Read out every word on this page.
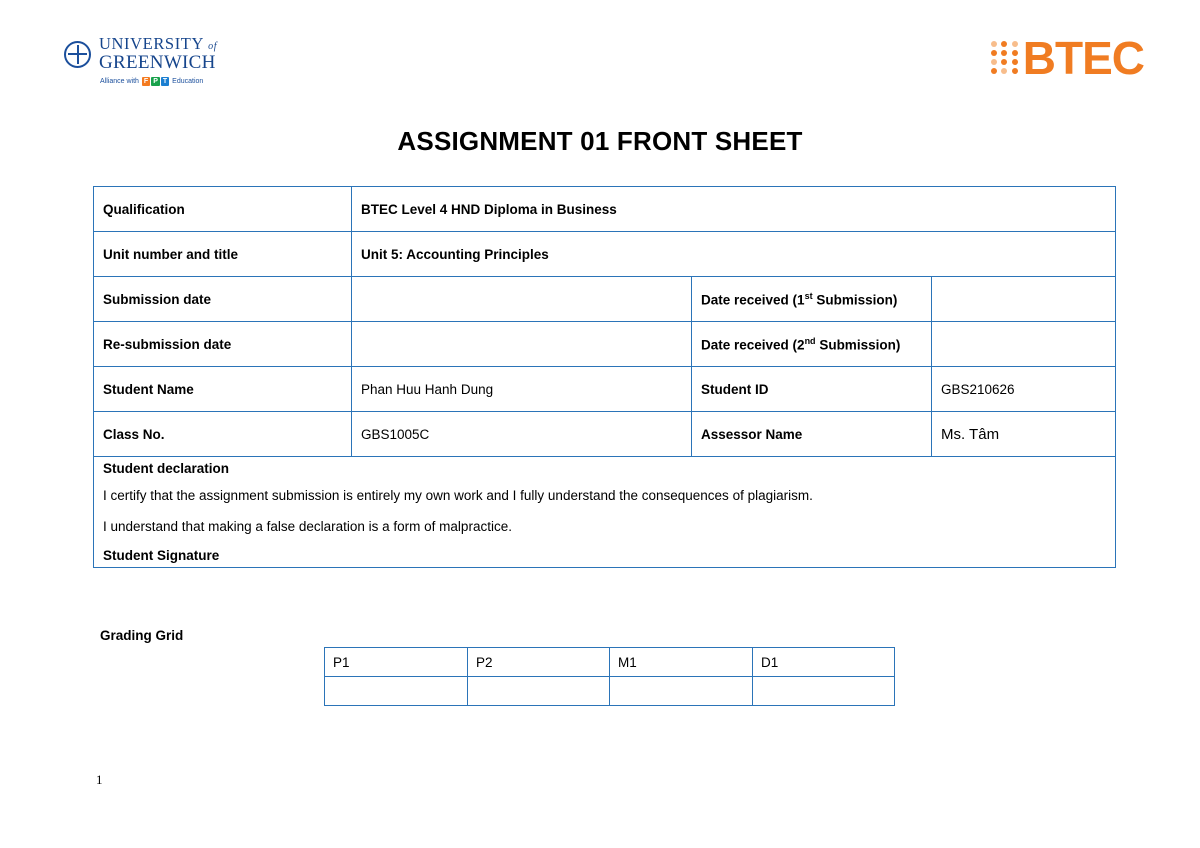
UNIVERSITY of
GREENWICH
Alliance with F P T Education	BTEC
ASSIGNMENT 01 FRONT SHEET
Qualification	BTEC Level 4 HND Diploma in Business		
Unit number and title	Unit 5: Accounting Principles		
Submission date		Date received (1st Submission)	
Re-submission date		Date received (2nd Submission)	
Student Name	Phan Huu Hanh Dung	Student ID	GBS210626
Class No.	GBS1005C	Assessor Name	Ms. Tâm

Student declaration
I certify that the assignment submission is entirely my own work and I fully understand the consequences of plagiarism.
I understand that making a false declaration is a form of malpractice.
Student Signature			
Grading Grid
P1	P2	M1	D1

1
